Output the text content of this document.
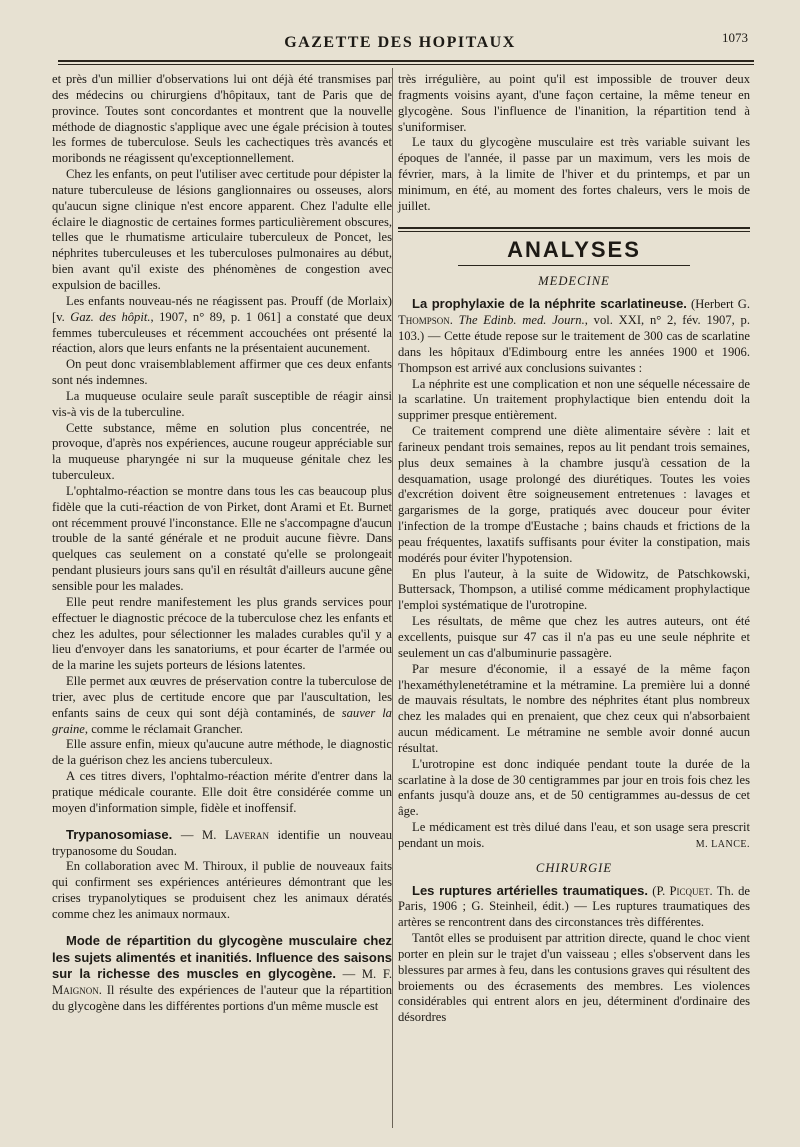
GAZETTE DES HOPITAUX	1073

et près d'un millier d'observations lui ont déjà été transmises par des médecins ou chirurgiens d'hôpitaux, tant de Paris que de province. Toutes sont concordantes et montrent que la nouvelle méthode de diagnostic s'applique avec une égale précision à toutes les formes de tuberculose. Seuls les cachectiques très avancés et moribonds ne réagissent qu'exceptionnellement.

Chez les enfants, on peut l'utiliser avec certitude pour dépister la nature tuberculeuse de lésions ganglionnaires ou osseuses, alors qu'aucun signe clinique n'est encore apparent. Chez l'adulte elle éclaire le diagnostic de certaines formes particulièrement obscures, telles que le rhumatisme articulaire tuberculeux de Poncet, les néphrites tuberculeuses et les tuberculoses pulmonaires au début, bien avant qu'il existe des phénomènes de congestion avec expulsion de bacilles.

Les enfants nouveau-nés ne réagissent pas. Prouff (de Morlaix) [v. Gaz. des hôpit., 1907, n° 89, p. 1 061] a constaté que deux femmes tuberculeuses et récemment accouchées ont présenté la réaction, alors que leurs enfants ne la présentaient aucunement.

On peut donc vraisemblablement affirmer que ces deux enfants sont nés indemnes.

La muqueuse oculaire seule paraît susceptible de réagir ainsi vis-à vis de la tuberculine.

Cette substance, même en solution plus concentrée, ne provoque, d'après nos expériences, aucune rougeur appréciable sur la muqueuse pharyngée ni sur la muqueuse génitale chez les tuberculeux.

L'ophtalmo-réaction se montre dans tous les cas beaucoup plus fidèle que la cuti-réaction de von Pirket, dont Arami et Et. Burnet ont récemment prouvé l'inconstance. Elle ne s'accompagne d'aucun trouble de la santé générale et ne produit aucune fièvre. Dans quelques cas seulement on a constaté qu'elle se prolongeait pendant plusieurs jours sans qu'il en résultât d'ailleurs aucune gêne sensible pour les malades.

Elle peut rendre manifestement les plus grands services pour effectuer le diagnostic précoce de la tuberculose chez les enfants et chez les adultes, pour sélectionner les malades curables qu'il y a lieu d'envoyer dans les sanatoriums, et pour écarter de l'armée ou de la marine les sujets porteurs de lésions latentes.

Elle permet aux œuvres de préservation contre la tuberculose de trier, avec plus de certitude encore que par l'auscultation, les enfants sains de ceux qui sont déjà contaminés, de sauver la graine, comme le réclamait Grancher.

Elle assure enfin, mieux qu'aucune autre méthode, le diagnostic de la guérison chez les anciens tuberculeux.

A ces titres divers, l'ophtalmo-réaction mérite d'entrer dans la pratique médicale courante. Elle doit être considérée comme un moyen d'information simple, fidèle et inoffensif.

Trypanosomiase. — M. Laveran identifie un nouveau trypanosome du Soudan.

En collaboration avec M. Thiroux, il publie de nouveaux faits qui confirment ses expériences antérieures démontrant que les crises trypanolytiques se produisent chez les animaux dératés comme chez les animaux normaux.

Mode de répartition du glycogène musculaire chez les sujets alimentés et inanitiés. Influence des saisons sur la richesse des muscles en glycogène. — M. F. Maignon. Il résulte des expériences de l'auteur que la répartition du glycogène dans les différentes portions d'un même muscle est

très irrégulière, au point qu'il est impossible de trouver deux fragments voisins ayant, d'une façon certaine, la même teneur en glycogène. Sous l'influence de l'inanition, la répartition tend à s'uniformiser.

Le taux du glycogène musculaire est très variable suivant les époques de l'année, il passe par un maximum, vers les mois de février, mars, à la limite de l'hiver et du printemps, et par un minimum, en été, au moment des fortes chaleurs, vers le mois de juillet.

ANALYSES
MEDECINE

La prophylaxie de la néphrite scarlatineuse. (Herbert G. Thompson. The Edinb. med. Journ., vol. XXI, n° 2, fév. 1907, p. 103.) — Cette étude repose sur le traitement de 300 cas de scarlatine dans les hôpitaux d'Edimbourg entre les années 1900 et 1906. Thompson est arrivé aux conclusions suivantes :

La néphrite est une complication et non une séquelle nécessaire de la scarlatine. Un traitement prophylactique bien entendu doit la supprimer presque entièrement.

Ce traitement comprend une diète alimentaire sévère : lait et farineux pendant trois semaines, repos au lit pendant trois semaines, plus deux semaines à la chambre jusqu'à cessation de la desquamation, usage prolongé des diurétiques. Toutes les voies d'excrétion doivent être soigneusement entretenues : lavages et gargarismes de la gorge, pratiqués avec douceur pour éviter l'infection de la trompe d'Eustache ; bains chauds et frictions de la peau fréquentes, laxatifs suffisants pour éviter la constipation, mais modérés pour éviter l'hypotension.

En plus l'auteur, à la suite de Widowitz, de Patschkowski, Buttersack, Thompson, a utilisé comme médicament prophylactique l'emploi systématique de l'urotropine.

Les résultats, de même que chez les autres auteurs, ont été excellents, puisque sur 47 cas il n'a pas eu une seule néphrite et seulement un cas d'albuminurie passagère.

Par mesure d'économie, il a essayé de la même façon l'hexaméthylenetétramine et la métramine. La première lui a donné de mauvais résultats, le nombre des néphrites étant plus nombreux chez les malades qui en prenaient, que chez ceux qui n'absorbaient aucun médicament. Le métramine ne semble avoir donné aucun résultat.

L'urotropine est donc indiquée pendant toute la durée de la scarlatine à la dose de 30 centigrammes par jour en trois fois chez les enfants jusqu'à douze ans, et de 50 centigrammes au-dessus de cet âge.

Le médicament est très dilué dans l'eau, et son usage sera prescrit pendant un mois.	M. LANCE.
CHIRURGIE

Les ruptures artérielles traumatiques. (P. Picquet. Th. de Paris, 1906 ; G. Steinheil, édit.) — Les ruptures traumatiques des artères se rencontrent dans des circonstances très différentes.

Tantôt elles se produisent par attrition directe, quand le choc vient porter en plein sur le trajet d'un vaisseau ; elles s'observent dans les blessures par armes à feu, dans les contusions graves qui résultent des broiements ou des écrasements des membres. Les violences considérables qui entrent alors en jeu, déterminent d'ordinaire des désordres
